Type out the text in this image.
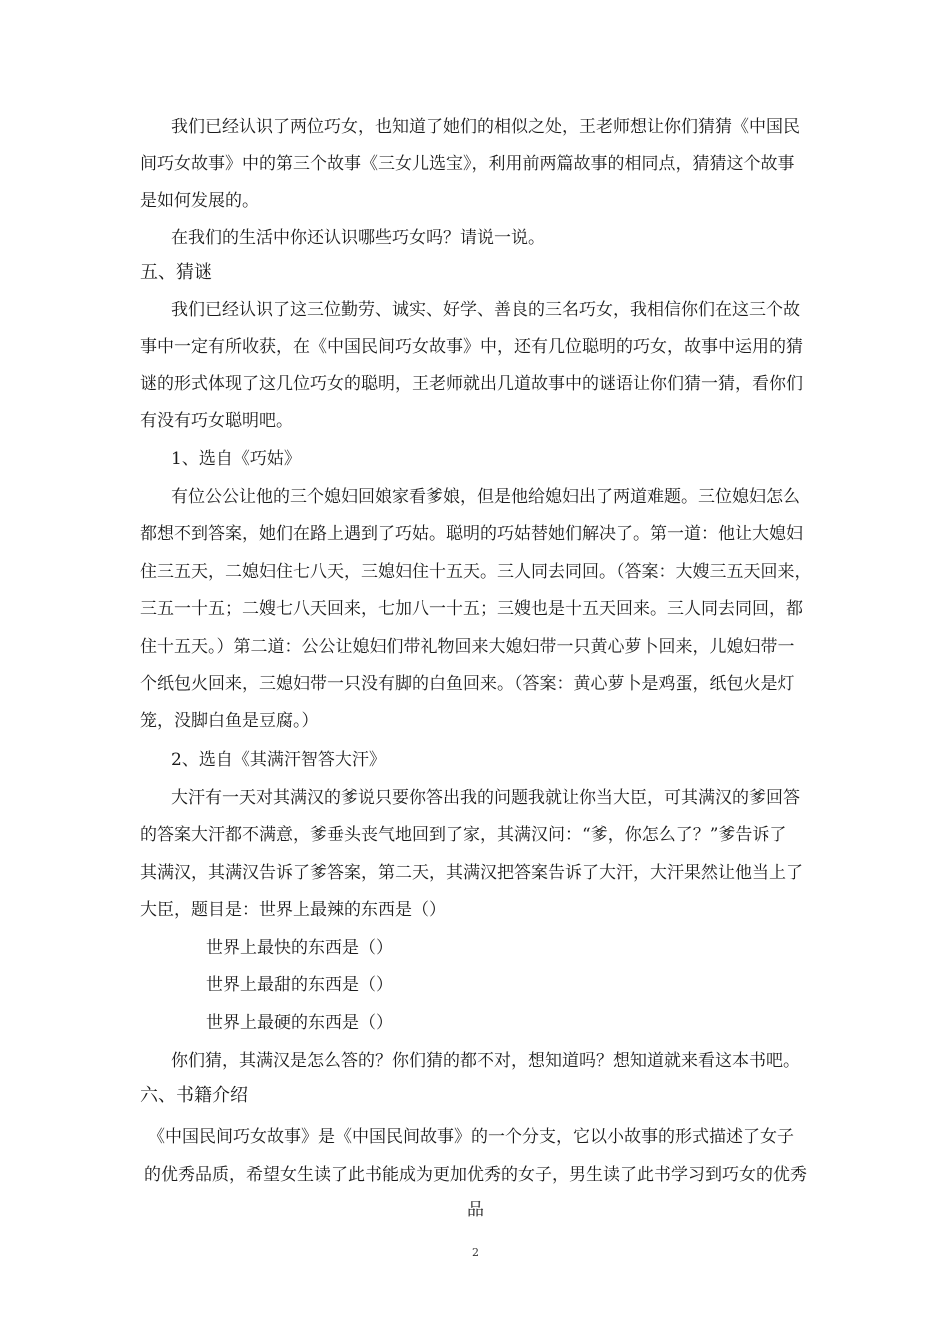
我们已经认识了两位巧女，也知道了她们的相似之处，王老师想让你们猜猜《中国民
间巧女故事》中的第三个故事《三女儿选宝》，利用前两篇故事的相同点，猜猜这个故事
是如何发展的。
在我们的生活中你还认识哪些巧女吗？请说一说。
五、猜谜
我们已经认识了这三位勤劳、诚实、好学、善良的三名巧女，我相信你们在这三个故
事中一定有所收获，在《中国民间巧女故事》中，还有几位聪明的巧女，故事中运用的猜
谜的形式体现了这几位巧女的聪明，王老师就出几道故事中的谜语让你们猜一猜，看你们
有没有巧女聪明吧。
1、选自《巧姑》
有位公公让他的三个媳妇回娘家看爹娘，但是他给媳妇出了两道难题。三位媳妇怎么
都想不到答案，她们在路上遇到了巧姑。聪明的巧姑替她们解决了。第一道：他让大媳妇
住三五天，二媳妇住七八天，三媳妇住十五天。三人同去同回。（答案：大嫂三五天回来，
三五一十五；二嫂七八天回来，七加八一十五；三嫂也是十五天回来。三人同去同回，都
住十五天。）第二道：公公让媳妇们带礼物回来大媳妇带一只黄心萝卜回来，儿媳妇带一
个纸包火回来，三媳妇带一只没有脚的白鱼回来。（答案：黄心萝卜是鸡蛋，纸包火是灯
笼，没脚白鱼是豆腐。）
2、选自《其满汗智答大汗》
大汗有一天对其满汉的爹说只要你答出我的问题我就让你当大臣，可其满汉的爹回答
的答案大汗都不满意，爹垂头丧气地回到了家，其满汉问：“爹，你怎么了？”爹告诉了
其满汉，其满汉告诉了爹答案，第二天，其满汉把答案告诉了大汗，大汗果然让他当上了
大臣，题目是：世界上最辣的东西是（）
世界上最快的东西是（）
世界上最甜的东西是（）
世界上最硬的东西是（）
你们猜，其满汉是怎么答的？你们猜的都不对，想知道吗？想知道就来看这本书吧。
六、书籍介绍
《中国民间巧女故事》是《中国民间故事》的一个分支，它以小故事的形式描述了女子
的优秀品质，希望女生读了此书能成为更加优秀的女子，男生读了此书学习到巧女的优秀
品
2
